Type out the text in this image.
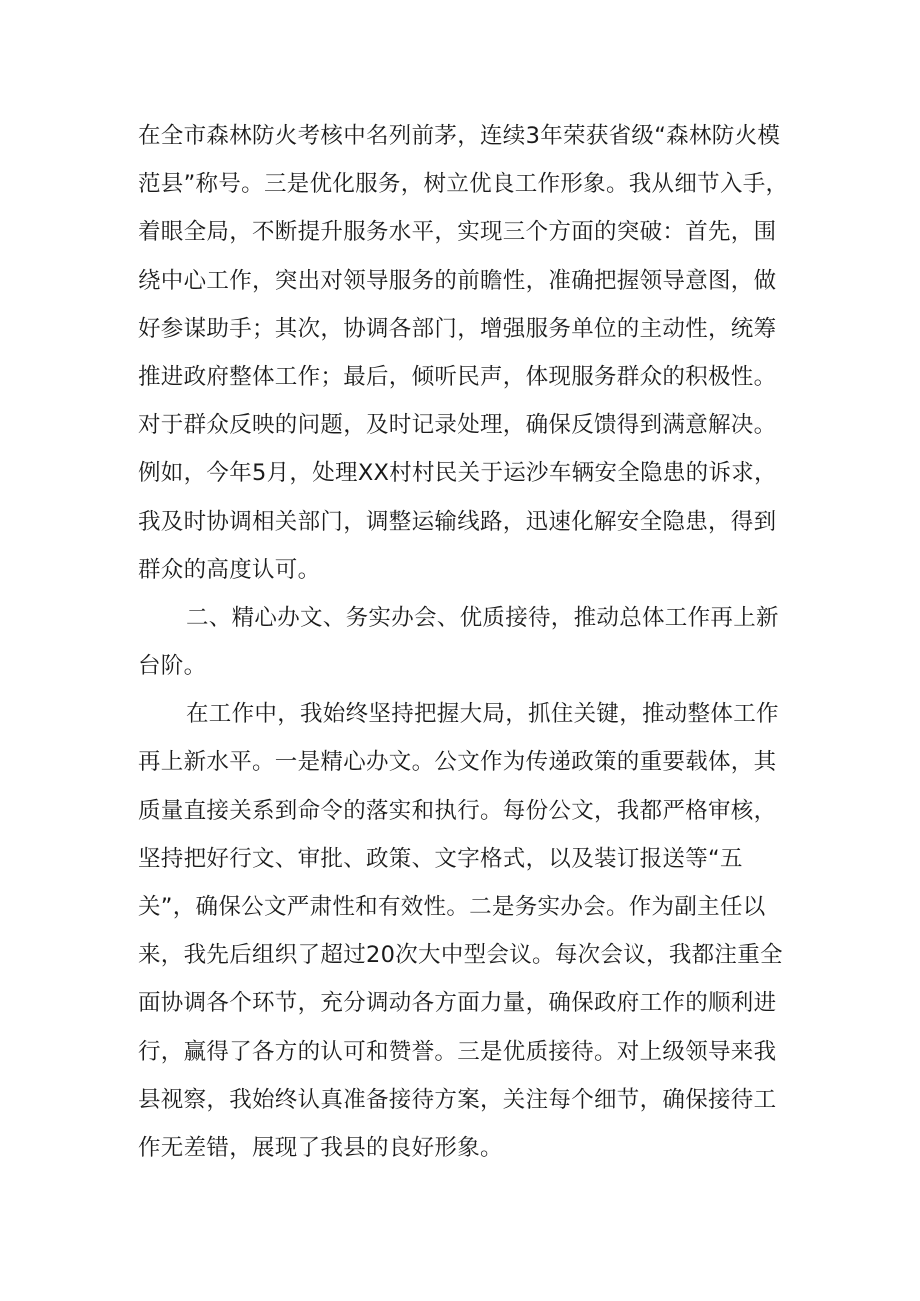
在全市森林防火考核中名列前茅，连续3年荣获省级“森林防火模
范县”称号。三是优化服务，树立优良工作形象。我从细节入手，
着眼全局，不断提升服务水平，实现三个方面的突破：首先，围
绕中心工作，突出对领导服务的前瞻性，准确把握领导意图，做
好参谋助手；其次，协调各部门，增强服务单位的主动性，统筹
推进政府整体工作；最后，倾听民声，体现服务群众的积极性。
对于群众反映的问题，及时记录处理，确保反馈得到满意解决。
例如，今年5月，处理XX村村民关于运沙车辆安全隐患的诉求，
我及时协调相关部门，调整运输线路，迅速化解安全隐患，得到
群众的高度认可。
二、精心办文、务实办会、优质接待，推动总体工作再上新
台阶。
在工作中，我始终坚持把握大局，抓住关键，推动整体工作
再上新水平。一是精心办文。公文作为传递政策的重要载体，其
质量直接关系到命令的落实和执行。每份公文，我都严格审核，
坚持把好行文、审批、政策、文字格式，以及装订报送等“五
关”，确保公文严肃性和有效性。二是务实办会。作为副主任以
来，我先后组织了超过20次大中型会议。每次会议，我都注重全
面协调各个环节，充分调动各方面力量，确保政府工作的顺利进
行，赢得了各方的认可和赞誉。三是优质接待。对上级领导来我
县视察，我始终认真准备接待方案，关注每个细节，确保接待工
作无差错，展现了我县的良好形象。
